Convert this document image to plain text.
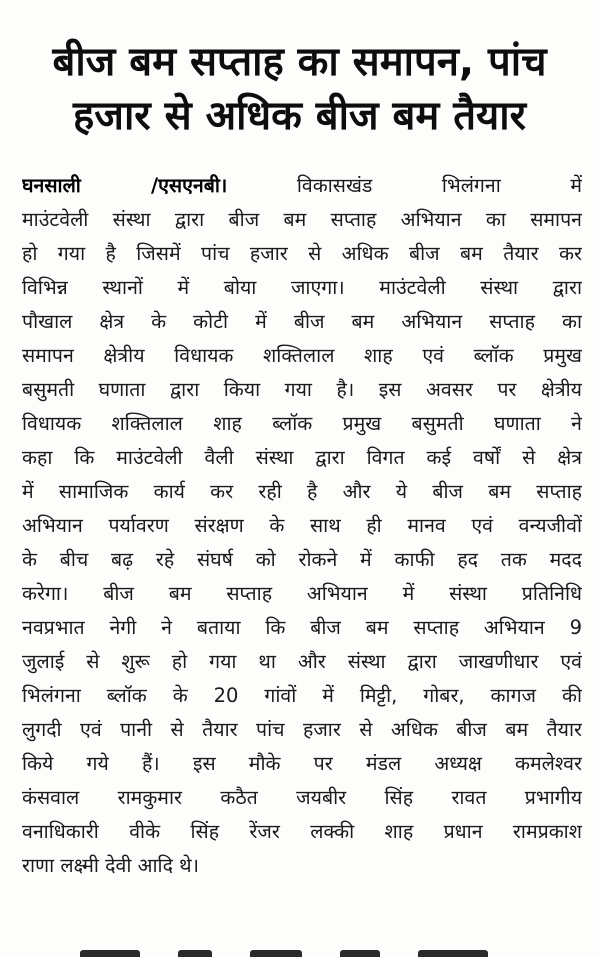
बीज बम सप्ताह का समापन, पांच
हजार से अधिक बीज बम तैयार
घनसाली /एसएनबी।	विकासखंड भिलंगना में
माउंटवेली संस्था द्वारा बीज बम सप्ताह अभियान का समापन
हो गया है जिसमें पांच हजार से अधिक बीज बम तैयार कर
विभिन्न स्थानों में बोया जाएगा। माउंटवेली संस्था द्वारा
पौखाल क्षेत्र के कोटी में बीज बम अभियान सप्ताह का
समापन क्षेत्रीय विधायक शक्तिलाल शाह एवं ब्लॉक प्रमुख
बसुमती घणाता द्वारा किया गया है। इस अवसर पर क्षेत्रीय
विधायक शक्तिलाल शाह ब्लॉक प्रमुख बसुमती घणाता ने
कहा कि माउंटवेली वैली संस्था द्वारा विगत कई वर्षों से क्षेत्र
में सामाजिक कार्य कर रही है और ये बीज बम सप्ताह
अभियान पर्यावरण संरक्षण के साथ ही मानव एवं वन्यजीवों
के बीच बढ़ रहे संघर्ष को रोकने में काफी हद तक मदद
करेगा। बीज बम सप्ताह अभियान में संस्था प्रतिनिधि
नवप्रभात नेगी ने बताया कि बीज बम सप्ताह अभियान 9
जुलाई से शुरू हो गया था और संस्था द्वारा जाखणीधार एवं
भिलंगना ब्लॉक के 20 गांवों में मिट्टी, गोबर, कागज की
लुगदी एवं पानी से तैयार पांच हजार से अधिक बीज बम तैयार
किये गये हैं। इस मौके पर मंडल अध्यक्ष कमलेश्वर
कंसवाल रामकुमार कठैत जयबीर सिंह रावत प्रभागीय
वनाधिकारी वीके सिंह रेंजर लक्की शाह प्रधान रामप्रकाश
राणा लक्ष्मी देवी आदि थे।
